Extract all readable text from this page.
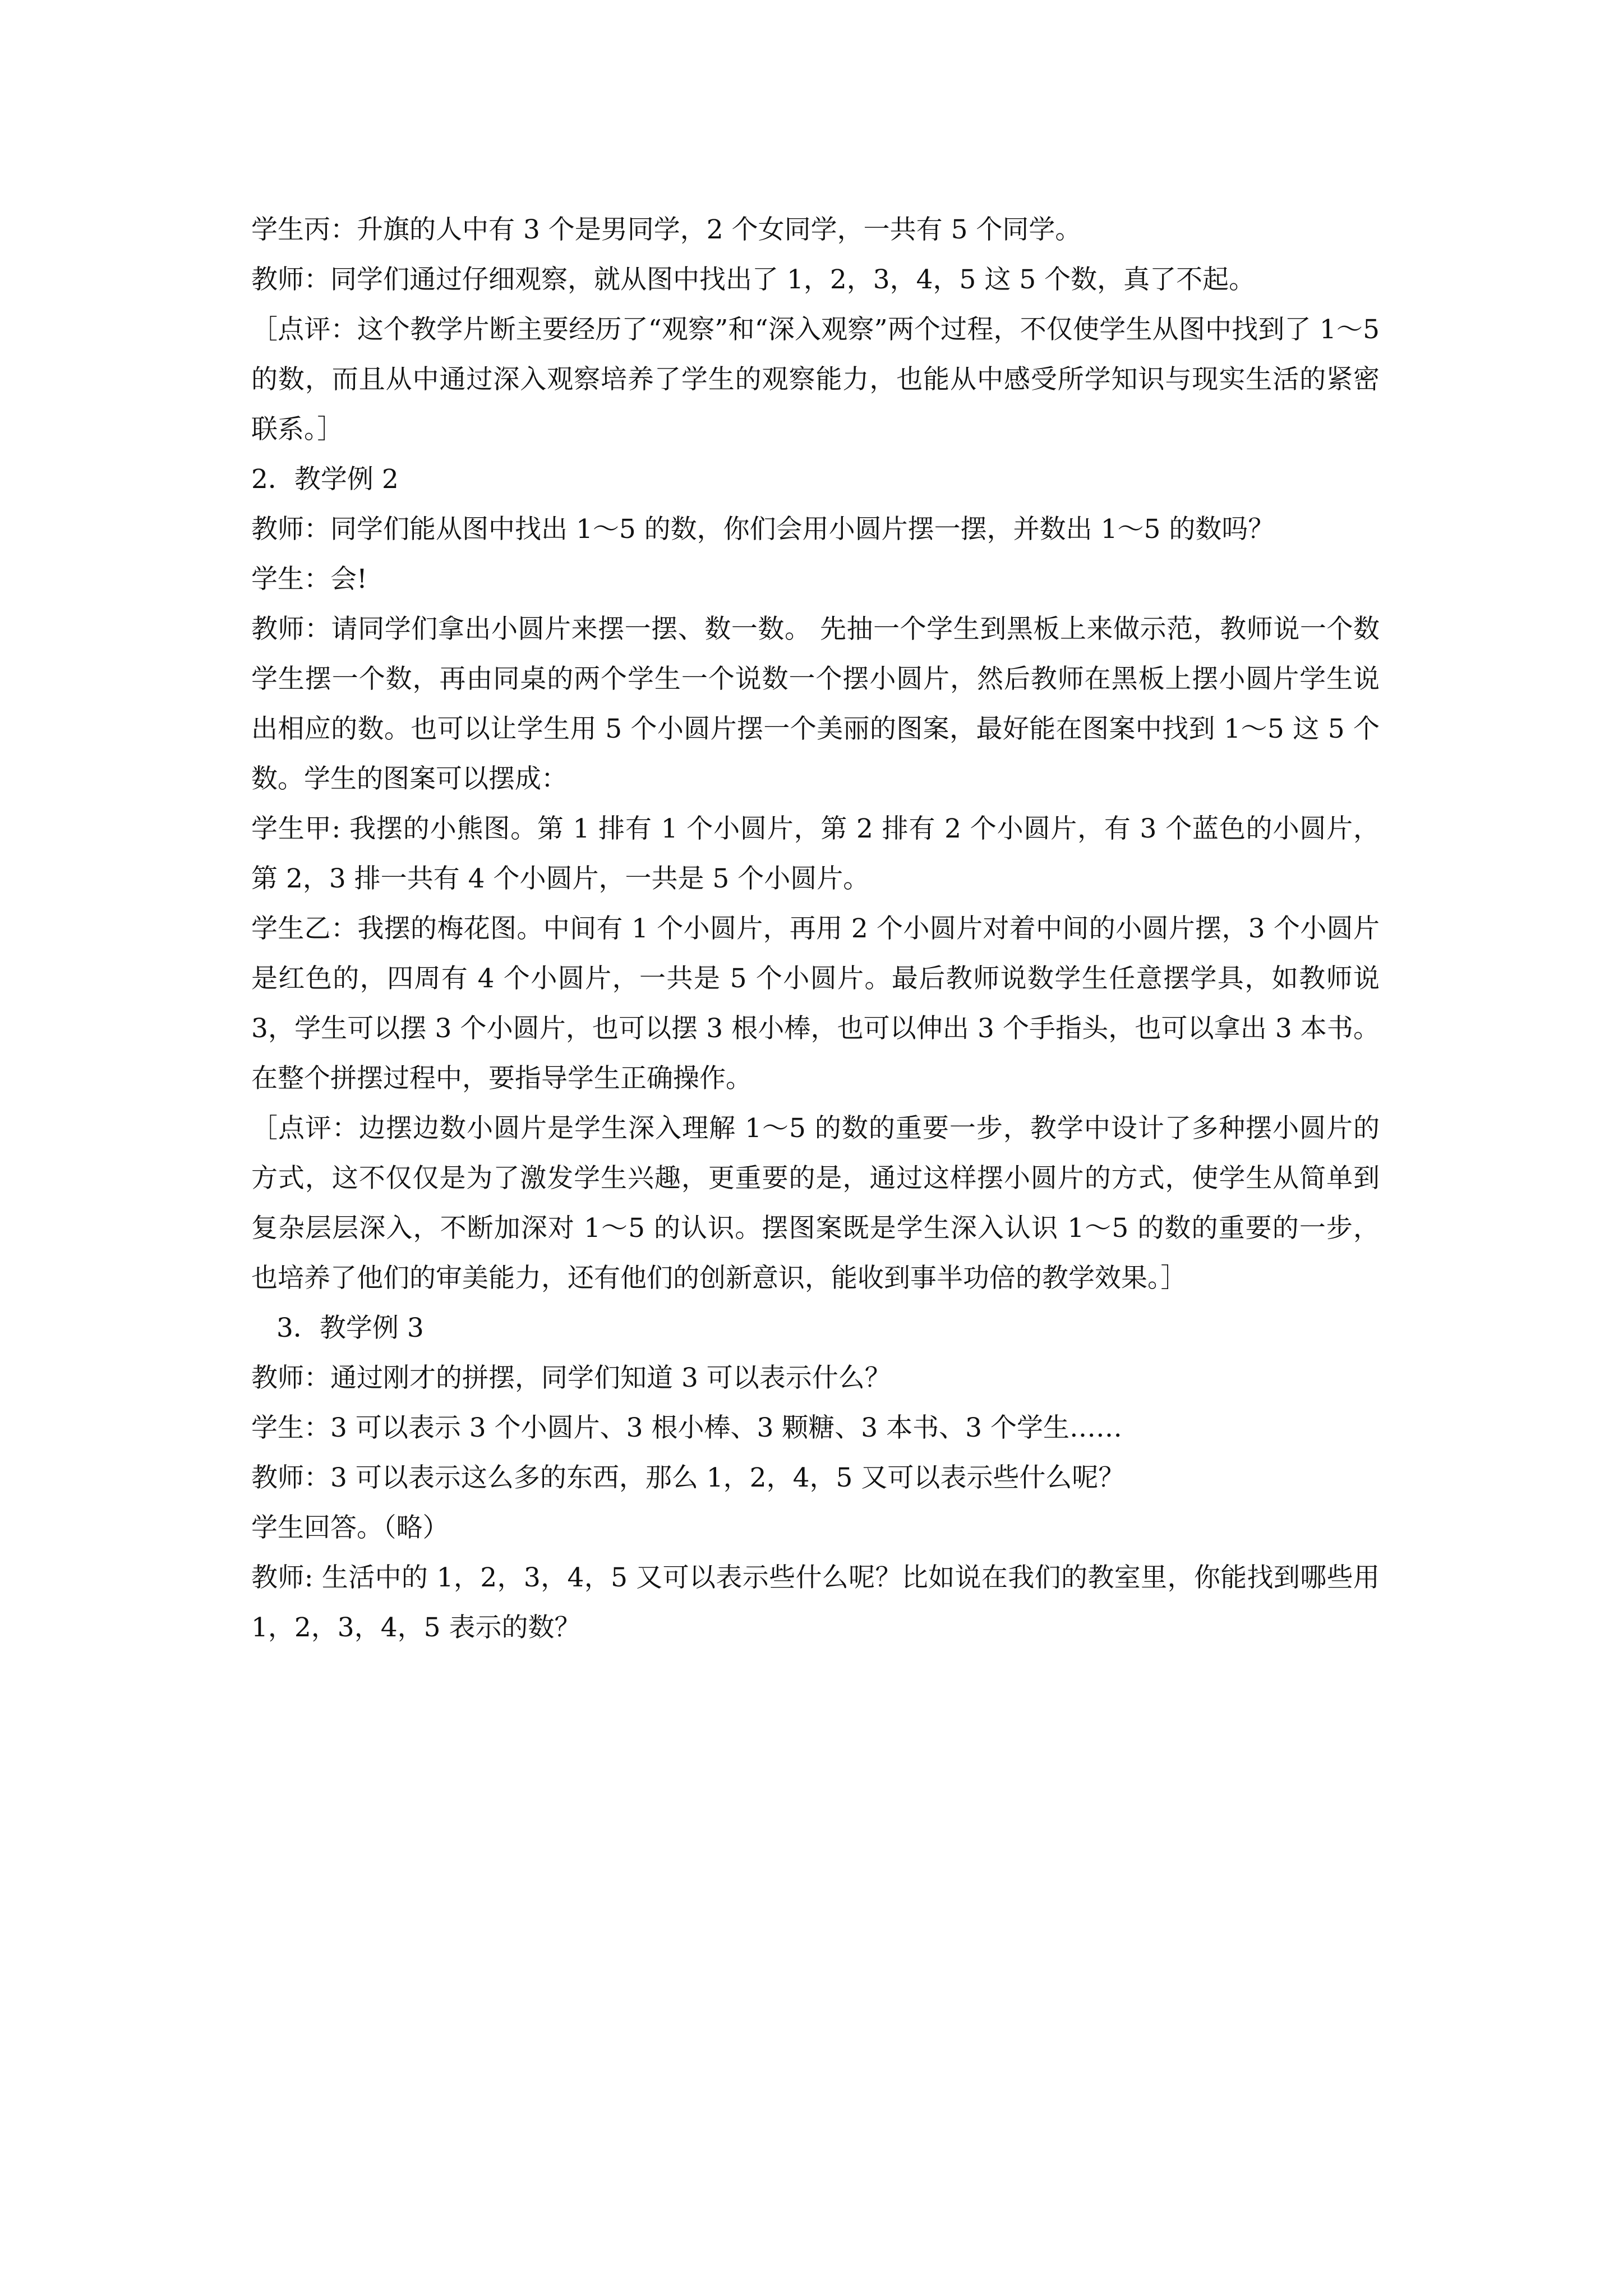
学生丙：升旗的人中有 3 个是男同学，2 个女同学，一共有 5 个同学。

教师：同学们通过仔细观察，就从图中找出了 1，2，3，4，5 这 5 个数，真了不起。

［点评：这个教学片断主要经历了“观察”和“深入观察”两个过程，不仅使学生从图中找到了 1～5 的数，而且从中通过深入观察培养了学生的观察能力，也能从中感受所学知识与现实生活的紧密联系。］

2．教学例 2

教师：同学们能从图中找出 1～5 的数，你们会用小圆片摆一摆，并数出 1～5 的数吗？

学生：会!

教师：请同学们拿出小圆片来摆一摆、数一数。 先抽一个学生到黑板上来做示范，教师说一个数学生摆一个数，再由同桌的两个学生一个说数一个摆小圆片，然后教师在黑板上摆小圆片学生说出相应的数。也可以让学生用 5 个小圆片摆一个美丽的图案，最好能在图案中找到 1～5 这 5 个数。学生的图案可以摆成：

学生甲: 我摆的小熊图。第 1 排有 1 个小圆片，第 2 排有 2 个小圆片，有 3 个蓝色的小圆片，第 2，3 排一共有 4 个小圆片，一共是 5 个小圆片。

学生乙：我摆的梅花图。中间有 1 个小圆片，再用 2 个小圆片对着中间的小圆片摆，3 个小圆片是红色的，四周有 4 个小圆片，一共是 5 个小圆片。最后教师说数学生任意摆学具，如教师说 3，学生可以摆 3 个小圆片，也可以摆 3 根小棒，也可以伸出 3 个手指头，也可以拿出 3 本书。在整个拼摆过程中，要指导学生正确操作。

［点评：边摆边数小圆片是学生深入理解 1～5 的数的重要一步，教学中设计了多种摆小圆片的方式，这不仅仅是为了激发学生兴趣，更重要的是，通过这样摆小圆片的方式，使学生从简单到复杂层层深入，不断加深对 1～5 的认识。摆图案既是学生深入认识 1～5 的数的重要的一步，也培养了他们的审美能力，还有他们的创新意识，能收到事半功倍的教学效果。］

3．教学例 3

教师：通过刚才的拼摆，同学们知道 3 可以表示什么？

学生：3 可以表示 3 个小圆片、3 根小棒、3 颗糖、3 本书、3 个学生……

教师：3 可以表示这么多的东西，那么 1，2，4，5 又可以表示些什么呢？

学生回答。（略）

教师: 生活中的 1，2，3，4，5 又可以表示些什么呢？比如说在我们的教室里，你能找到哪些用 1，2，3，4，5 表示的数？
